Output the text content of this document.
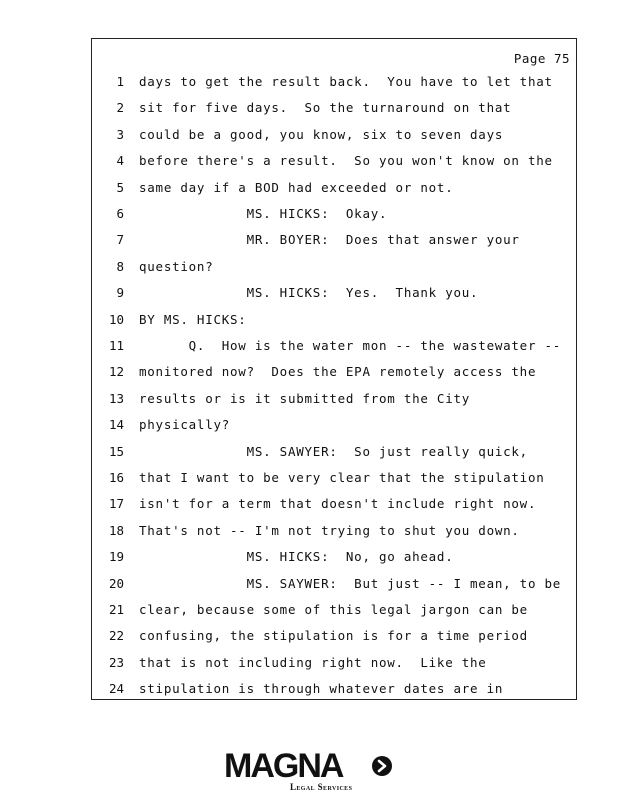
Page 75
1 days to get the result back.  You have to let that
2 sit for five days.  So the turnaround on that
3 could be a good, you know, six to seven days
4 before there's a result.  So you won't know on the
5 same day if a BOD had exceeded or not.
6 MS. HICKS:  Okay.
7 MR. BOYER:  Does that answer your
8 question?
9 MS. HICKS:  Yes.  Thank you.
10 BY MS. HICKS:
11 Q.  How is the water mon -- the wastewater --
12 monitored now?  Does the EPA remotely access the
13 results or is it submitted from the City
14 physically?
15 MS. SAWYER:  So just really quick,
16 that I want to be very clear that the stipulation
17 isn't for a term that doesn't include right now.
18 That's not -- I'm not trying to shut you down.
19 MS. HICKS:  No, go ahead.
20 MS. SAYWER:  But just -- I mean, to be
21 clear, because some of this legal jargon can be
22 confusing, the stipulation is for a time period
23 that is not including right now.  Like the
24 stipulation is through whatever dates are in
MAGNA
Legal Services
